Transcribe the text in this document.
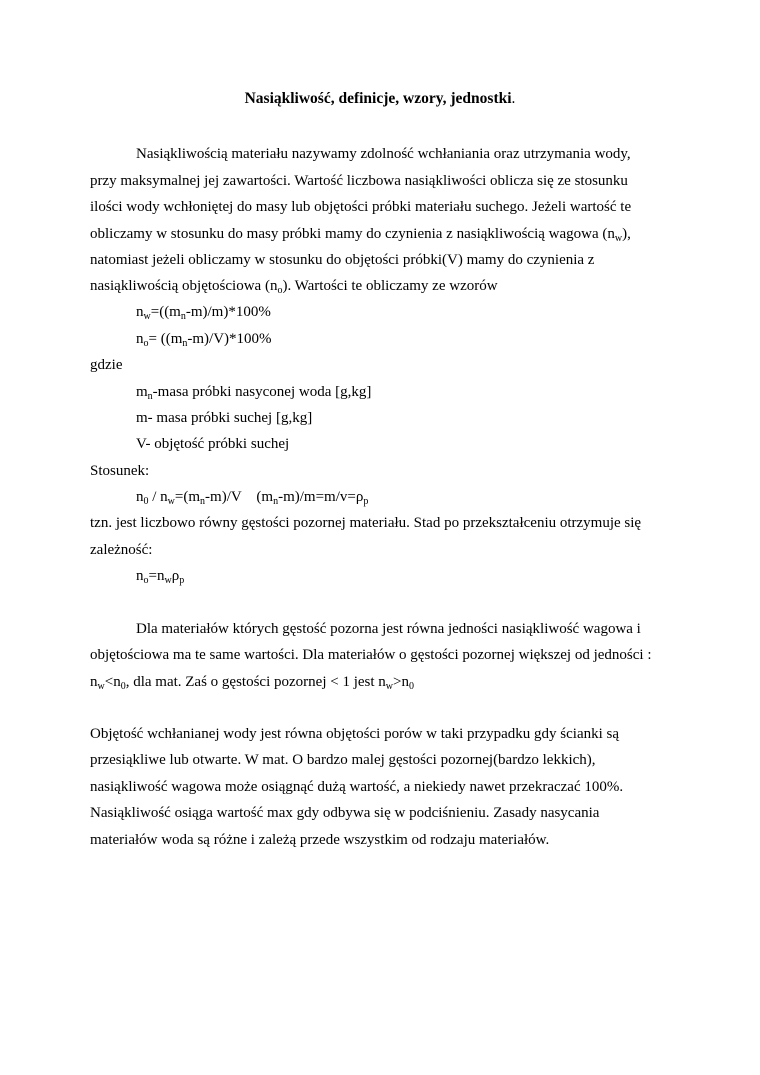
Nasiąkliwość, definicje, wzory, jednostki.
Nasiąkliwością materiału nazywamy zdolność wchłaniania oraz utrzymania wody,
przy maksymalnej jej zawartości. Wartość liczbowa nasiąkliwości oblicza się ze stosunku
ilości wody wchłoniętej do masy lub objętości próbki materiału suchego. Jeżeli wartość te
obliczamy w stosunku do masy próbki mamy do czynienia z nasiąkliwością wagowa $(n_w)$,
natomiast jeżeli obliczamy w stosunku do objętości próbki(V) mamy do czynienia z
nasiąkliwością objętościowa $(n_o)$. Wartości te obliczamy ze wzorów
$n_w=((m_n-m)/m)*100\%$
$n_o= ((m_n-m)/V)*100\%$
gdzie
$m_n$-masa próbki nasyconej woda [g,kg]
m- masa próbki suchej [g,kg]
V- objętość próbki suchej
Stosunek:
$n_0 / n_w=(m_n-m)/V$    $(m_n-m)/m=m/v=\rho_p$
tzn. jest liczbowo równy gęstości pozornej materiału. Stad po przekształceniu otrzymuje się
zależność:
$n_o=n_w\rho_p$
Dla materiałów których gęstość pozorna jest równa jedności nasiąkliwość wagowa i
objętościowa ma te same wartości. Dla materiałów o gęstości pozornej większej od jedności :
$n_w<n_0$, dla mat. Zaś o gęstości pozornej < 1 jest $n_w>n_0$
Objętość wchłanianej wody jest równa objętości porów w taki przypadku gdy ścianki są
przesiąkliwe lub otwarte. W mat. O bardzo malej gęstości pozornej(bardzo lekkich),
nasiąkliwość wagowa może osiągnąć dużą wartość, a niekiedy nawet przekraczać 100%.
Nasiąkliwość osiąga wartość max gdy odbywa się w podciśnieniu. Zasady nasycania
materiałów woda są różne i zależą przede wszystkim od rodzaju materiałów.
